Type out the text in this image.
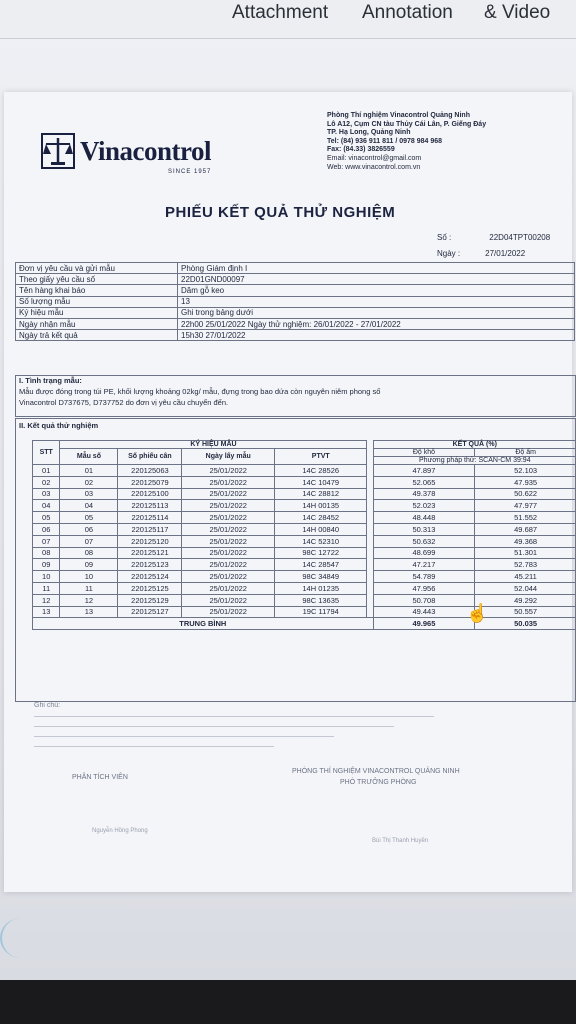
Attachment Annotation & Video
Vinacontrol
SINCE 1957
Phòng Thí nghiệm Vinacontrol Quảng Ninh
Lô A12, Cụm CN tàu Thủy Cái Lân, P. Giếng Đáy
TP. Hạ Long, Quảng Ninh
Tel: (84) 936 911 811 / 0978 984 968
Fax: (84.33) 3826559
Email: vinacontrol@gmail.com
Web: www.vinacontrol.com.vn
PHIẾU KẾT QUẢ THỬ NGHIỆM
Số :	22D04TPT00208
Ngày :	27/01/2022
Đơn vị yêu cầu và gửi mẫu	Phòng Giám định I
Theo giấy yêu cầu số	22D01GND00097
Tên hàng khai báo	Dăm gỗ keo
Số lượng mẫu	13
Ký hiệu mẫu	Ghi trong bảng dưới
Ngày nhận mẫu	22h00 25/01/2022 Ngày thử nghiệm: 26/01/2022 - 27/01/2022
Ngày trả kết quả	15h30 27/01/2022
I. Tình trạng mẫu:
Mẫu được đóng trong túi PE, khối lượng khoảng 02kg/ mẫu, đựng trong bao dứa còn nguyên niêm phong số
Vinacontrol D737675, D737752 do đơn vị yêu cầu chuyển đến.
II. Kết quả thử nghiệm
STT	KÝ HIỆU MẪU					KẾT QUẢ (%)	
	Mẫu số	Số phiếu cân	Ngày lấy mẫu	PTVT		Độ khô	Độ ẩm
						Phương pháp thử: SCAN-CM 39:94	
01	01	220125063	25/01/2022	14C 28526		47.897	52.103
02	02	220125079	25/01/2022	14C 10479		52.065	47.935
03	03	220125100	25/01/2022	14C 28812		49.378	50.622
04	04	220125113	25/01/2022	14H 00135		52.023	47.977
05	05	220125114	25/01/2022	14C 28452		48.448	51.552
06	06	220125117	25/01/2022	14H 00840		50.313	49.687
07	07	220125120	25/01/2022	14C 52310		50.632	49.368
08	08	220125121	25/01/2022	98C 12722		48.699	51.301
09	09	220125123	25/01/2022	14C 28547		47.217	52.783
10	10	220125124	25/01/2022	98C 34849		54.789	45.211
11	11	220125125	25/01/2022	14H 01235		47.956	52.044
12	12	220125129	25/01/2022	98C 13635		50.708	49.292
13	13	220125127	25/01/2022	19C 11794		49.443	50.557
TRUNG BÌNH						49.965	50.035
☝
Ghi chú:
PHÂN TÍCH VIÊN
PHÒNG THÍ NGHIỆM VINACONTROL QUẢNG NINH
PHÓ TRƯỞNG PHÒNG
Nguyễn Hồng Phong
Bùi Thị Thanh Huyền
